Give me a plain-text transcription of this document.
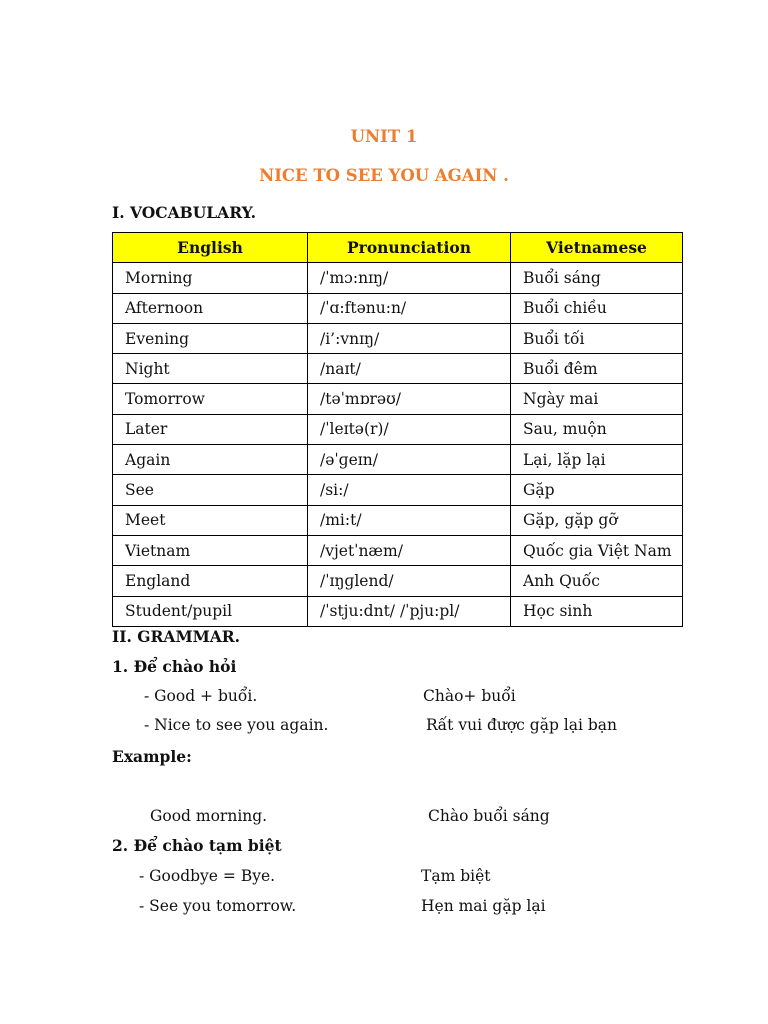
UNIT 1
NICE TO SEE YOU AGAIN .
I. VOCABULARY.
English	Pronunciation	Vietnamese
Morning	/ˈmɔ:nɪŋ/	Buổi sáng
Afternoon	/ˈɑ:ftənu:n/	Buổi chiều
Evening	/i’:vnɪŋ/	Buổi tối
Night	/naɪt/	Buổi đêm
Tomorrow	/təˈmɒrəʊ/	Ngày mai
Later	/ˈleɪtə(r)/	Sau, muộn
Again	/əˈɡeɪn/	Lại, lặp lại
See	/si:/	Gặp
Meet	/mi:t/	Gặp, gặp gỡ
Vietnam	/vjetˈnæm/	Quốc gia Việt Nam
England	/ˈɪŋɡlend/	Anh Quốc
Student/pupil	/ˈstju:dnt/ /ˈpju:pl/	Học sinh
II. GRAMMAR.
1. Để chào hỏi
- Good + buổi.	Chào+ buổi
- Nice to see you again.	Rất vui được gặp lại bạn
Example:
Good morning.	Chào buổi sáng
2. Để chào tạm biệt
- Goodbye = Bye.	Tạm biệt
- See you tomorrow.	Hẹn mai gặp lại
